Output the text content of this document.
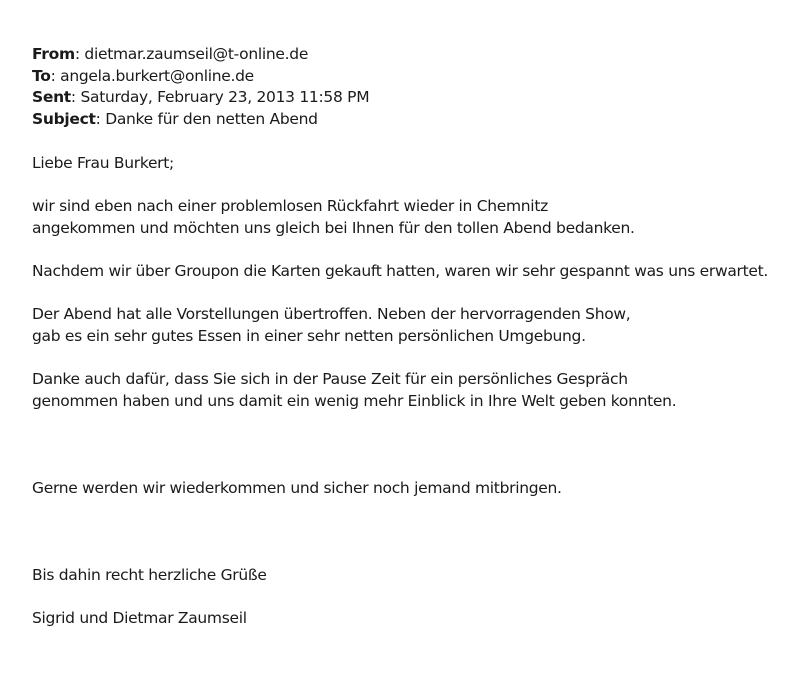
From: dietmar.zaumseil@t-online.de
To: angela.burkert@online.de
Sent: Saturday, February 23, 2013 11:58 PM
Subject: Danke für den netten Abend

Liebe Frau Burkert;

wir sind eben nach einer problemlosen Rückfahrt wieder in Chemnitz

angekommen und möchten uns gleich bei Ihnen für den tollen Abend bedanken.

Nachdem wir über Groupon die Karten gekauft hatten, waren wir sehr gespannt was uns erwartet.

Der Abend hat alle Vorstellungen übertroffen. Neben der hervorragenden Show,

gab es ein sehr gutes Essen in einer sehr netten persönlichen Umgebung.

Danke auch dafür, dass Sie sich in der Pause Zeit für ein persönliches Gespräch

genommen haben und uns damit ein wenig mehr Einblick in Ihre Welt geben konnten.

Gerne werden wir wiederkommen und sicher noch jemand mitbringen.

Bis dahin recht herzliche Grüße

Sigrid und Dietmar Zaumseil
